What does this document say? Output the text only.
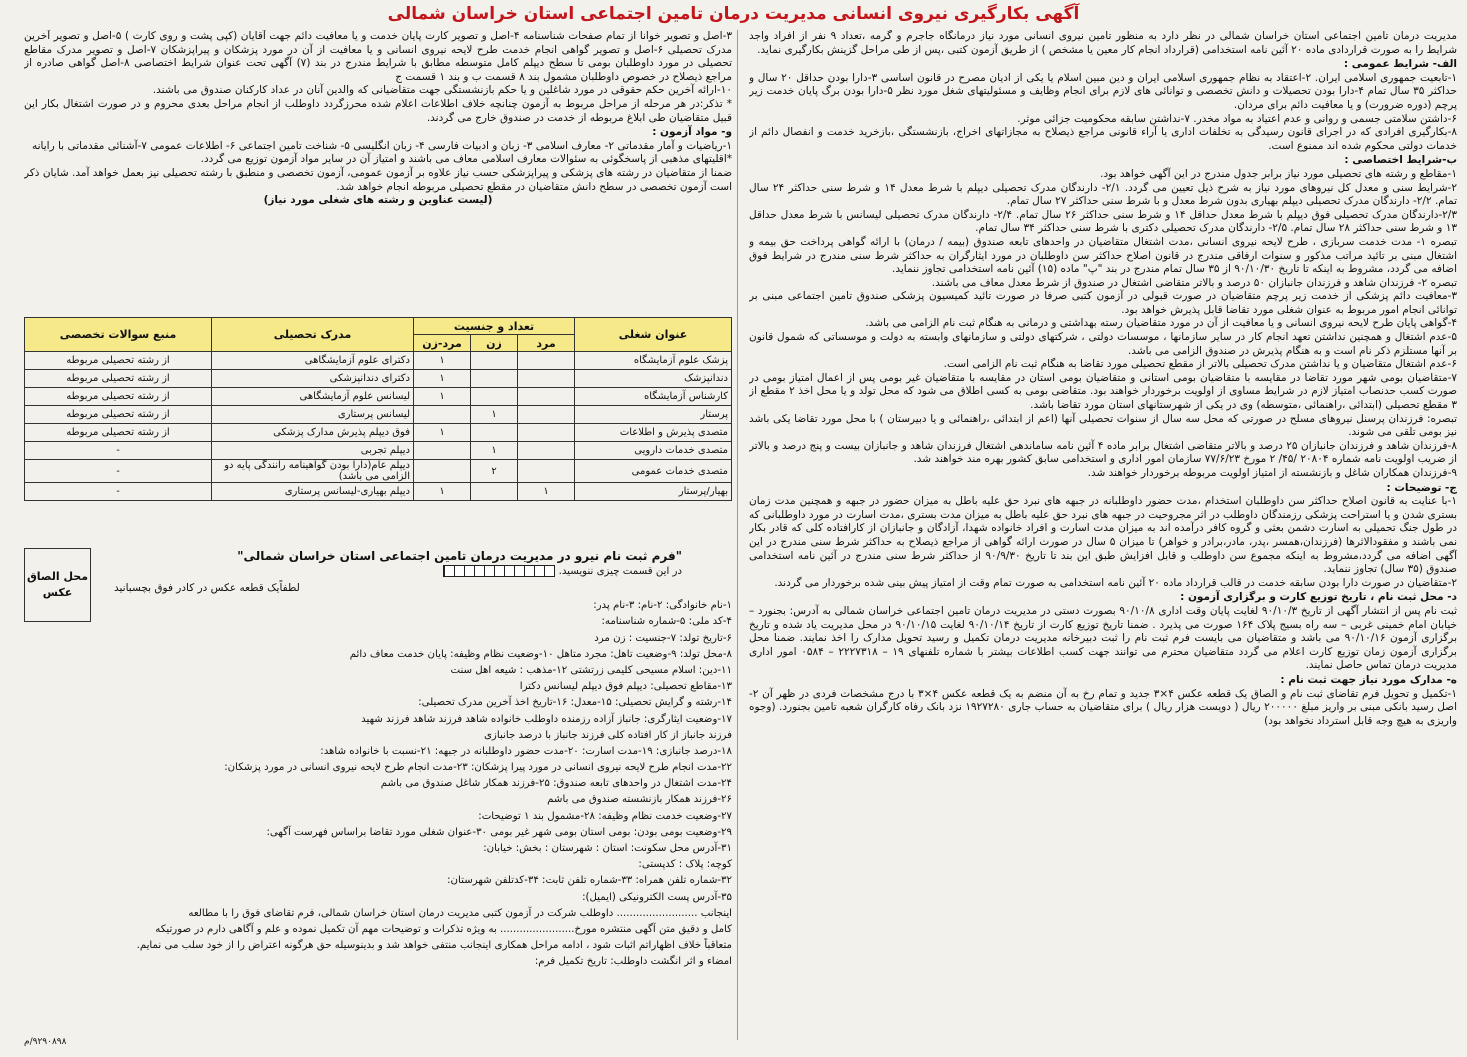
آگهی بکارگیری نیروی انسانی مدیریت درمان تامین اجتماعی استان خراسان شمالی

مدیریت درمان تامین اجتماعی استان خراسان شمالی در نظر دارد به منظور تامین نیروی انسانی مورد نیاز درمانگاه جاجرم و گرمه ،تعداد ۹ نفر از افراد واجد شرایط را به صورت قراردادی ماده ۲۰ آئین نامه استخدامی (قرارداد انجام کار معین یا مشخص ) از طریق آزمون کتبی ،پس از طی مراحل گزینش بکارگیری نماید.

الف- شرایط عمومی :

۱-تابعیت جمهوری اسلامی ایران. ۲-اعتقاد به نظام جمهوری اسلامی ایران و دین مبین اسلام یا یکی از ادیان مصرح در قانون اساسی ۳-دارا بودن حداقل ۲۰ سال و حداکثر ۳۵ سال تمام ۴-دارا بودن تحصیلات و دانش تخصصی و توانائی های لازم برای انجام وظایف و مسئولیتهای شغل مورد نظر ۵-دارا بودن برگ پایان خدمت زیر پرچم (دوره ضرورت) و یا معافیت دائم برای مردان.

۶-داشتن سلامتی جسمی و روانی و عدم اعتیاد به مواد مخدر. ۷-نداشتن سابقه محکومیت جزائی موثر.

۸-بکارگیری افرادی که در اجرای قانون رسیدگی به تخلفات اداری یا آراء قانونی مراجع ذیصلاح به مجازاتهای اخراج، بازنشستگی ،بازخرید خدمت و انفصال دائم از خدمات دولتی محکوم شده اند ممنوع است.

ب-شرایط اختصاصی :

۱-مقاطع و رشته های تحصیلی مورد نیاز برابر جدول مندرج در این آگهی خواهد بود.

۲-شرایط سنی و معدل کل نیروهای مورد نیاز به شرح ذیل تعیین می گردد. ۲/۱- دارندگان مدرک تحصیلی دیپلم با شرط معدل ۱۴ و شرط سنی حداکثر ۲۴ سال تمام. ۲/۲- دارندگان مدرک تحصیلی دیپلم بهیاری بدون شرط معدل و با شرط سنی حداکثر ۲۷ سال تمام.

۲/۳-دارندگان مدرک تحصیلی فوق دیپلم با شرط معدل حداقل ۱۴ و شرط سنی حداکثر ۲۶ سال تمام. ۲/۴- دارندگان مدرک تحصیلی لیسانس با شرط معدل حداقل ۱۳ و شرط سنی حداکثر ۲۸ سال تمام. ۲/۵- دارندگان مدرک تحصیلی دکتری با شرط سنی حداکثر ۳۴ سال تمام.

تبصره ۱- مدت خدمت سربازی ، طرح لایحه نیروی انسانی ،مدت اشتغال متقاضیان در واحدهای تابعه صندوق (بیمه / درمان) با ارائه گواهی پرداخت حق بیمه و اشتغال مبنی بر تائید مراتب مذکور و سنوات ارفاقی مندرج در قانون اصلاح حداکثر سن داوطلبان در مورد ایثارگران به حداکثر شرط سنی مندرج در شرایط فوق اضافه می گردد، مشروط به اینکه تا تاریخ ۹۰/۱۰/۳۰ از ۳۵ سال تمام مندرج در بند "پ" ماده (۱۵) آئین نامه استخدامی تجاوز ننماید.

تبصره ۲- فرزندان شاهد و فرزندان جانبازان ۵۰ درصد و بالاتر متقاضی اشتغال در صندوق از شرط معدل معاف می باشند.

۳-معافیت دائم پزشکی از خدمت زیر پرچم متقاضیان در صورت قبولی در آزمون کتبی صرفا در صورت تائید کمیسیون پزشکی صندوق تامین اجتماعی مبنی بر توانائی انجام امور مربوط به عنوان شغلی مورد تقاضا قابل پذیرش خواهد بود.

۴-گواهی پایان طرح لایحه نیروی انسانی و یا معافیت از آن در مورد متقاضیان رسته بهداشتی و درمانی به هنگام ثبت نام الزامی می باشد.

۵-عدم اشتغال و همچنین نداشتن تعهد انجام کار در سایر سازمانها ، موسسات دولتی ، شرکتهای دولتی و سازمانهای وابسته به دولت و موسساتی که شمول قانون بر آنها مستلزم ذکر نام است و به هنگام پذیرش در صندوق الزامی می باشد.

۶-عدم اشتغال متقاضیان و یا نداشتن مدرک تحصیلی بالاتر از مقطع تحصیلی مورد تقاضا به هنگام ثبت نام الزامی است.

۷-متقاضیان بومی شهر مورد تقاضا در مقایسه با متقاضیان بومی استانی و متقاضیان بومی استان در مقایسه با متقاضیان غیر بومی پس از اعمال امتیاز بومی در صورت کسب حدنصاب امتیاز لازم در شرایط مساوی از اولویت برخوردار خواهند بود. متقاضی بومی به کسی اطلاق می شود که محل تولد و یا محل اخذ ۲ مقطع از ۳ مقطع تحصیلی (ابتدائی ،راهنمائی ،متوسطه) وی در یکی از شهرستانهای استان مورد تقاضا باشد.

تبصره: فرزندان پرسنل نیروهای مسلح در صورتی که محل سه سال از سنوات تحصیلی آنها (اعم از ابتدائی ،راهنمائی و یا دبیرستان ) با محل مورد تقاضا یکی باشد نیز بومی تلقی می شوند.

۸-فرزندان شاهد و فرزندان جانبازان ۲۵ درصد و بالاتر متقاضی اشتغال برابر ماده ۴ آئین نامه ساماندهی اشتغال فرزندان شاهد و جانبازان بیست و پنج درصد و بالاتر از ضریب اولویت نامه شماره ۲۰۸۰۴ /۴۵/ ۲ مورخ ۷۷/۶/۲۳ سازمان امور اداری و استخدامی سابق کشور بهره مند خواهند شد.

۹-فرزندان همکاران شاغل و بازنشسته از امتیاز اولویت مربوطه برخوردار خواهند شد.

ج- توضیحات :

۱-با عنایت به قانون اصلاح حداکثر سن داوطلبان استخدام ،مدت حضور داوطلبانه در جبهه های نبرد حق علیه باطل به میزان حضور در جبهه و همچنین مدت زمان بستری شدن و یا استراحت پزشکی رزمندگان داوطلب در اثر مجروحیت در جبهه های نبرد حق علیه باطل به میزان مدت بستری ،مدت اسارت در مورد داوطلبانی که در طول جنگ تحمیلی به اسارت دشمن بعثی و گروه کافر درآمده اند به میزان مدت اسارت و افراد خانواده شهدا، آزادگان و جانبازان از کارافتاده کلی که قادر بکار نمی باشند و مفقودالاثرها (فرزندان،همسر ،پدر، مادر،برادر و خواهر) تا میزان ۵ سال در صورت ارائه گواهی از مراجع ذیصلاح به حداکثر شرط سنی مندرج در این آگهی اضافه می گردد،مشروط به اینکه مجموع سن داوطلب و قابل افزایش طبق این بند تا تاریخ ۹۰/۹/۳۰ از حداکثر شرط سنی مندرج در آئین نامه استخدامی صندوق (۳۵ سال) تجاوز ننماید.

۲-متقاضیان در صورت دارا بودن سابقه خدمت در قالب قرارداد ماده ۲۰ آئین نامه استخدامی به صورت تمام وقت از امتیاز پیش بینی شده برخوردار می گردند.

د- محل ثبت نام ، تاریخ توزیع کارت و برگزاری آزمون :

ثبت نام پس از انتشار آگهی از تاریخ ۹۰/۱۰/۳ لغایت پایان وقت اداری ۹۰/۱۰/۸ بصورت دستی در مدیریت درمان تامین اجتماعی خراسان شمالی به آدرس: بجنورد – خیابان امام خمینی غربی – سه راه بسیج پلاک ۱۶۴ صورت می پذیرد . ضمنا تاریخ توزیع کارت از تاریخ ۹۰/۱۰/۱۴ لغایت ۹۰/۱۰/۱۵ در محل مدیریت یاد شده و تاریخ برگزاری آزمون ۹۰/۱۰/۱۶ می باشد و متقاضیان می بایست فرم ثبت نام را ثبت دبیرخانه مدیریت درمان تکمیل و رسید تحویل مدارک را اخذ نمایند. ضمنا محل برگزاری آزمون زمان توزیع کارت اعلام می گردد متقاضیان محترم می توانند جهت کسب اطلاعات بیشتر با شماره تلفنهای ۱۹ – ۲۲۲۷۳۱۸ – ۰۵۸۴ امور اداری مدیریت درمان تماس حاصل نمایند.

ه- مدارک مورد نیاز جهت ثبت نام :

۱-تکمیل و تحویل فرم تقاضای ثبت نام و الصاق یک قطعه عکس ۴×۳ جدید و تمام رخ به آن منضم به یک قطعه عکس ۴×۳ با درج مشخصات فردی در ظهر آن ۲-اصل رسید بانکی مبنی بر واریز مبلغ ۲۰۰۰۰۰ ریال ( دویست هزار ریال ) برای متقاضیان به حساب جاری ۱۹۲۷۲۸۰ نزد بانک رفاه کارگران شعبه تامین بجنورد. (وجوه واریزی به هیچ وجه قابل استرداد نخواهد بود)

۳-اصل و تصویر خوانا از تمام صفحات شناسنامه ۴-اصل و تصویر کارت پایان خدمت و یا معافیت دائم جهت آقایان (کپی پشت و روی کارت ) ۵-اصل و تصویر آخرین مدرک تحصیلی ۶-اصل و تصویر گواهی انجام خدمت طرح لایحه نیروی انسانی و یا معافیت از آن در مورد پزشکان و پیراپزشکان ۷-اصل و تصویر مدرک مقاطع تحصیلی در مورد داوطلبان بومی تا سطح دیپلم کامل متوسطه مطابق با شرایط مندرج در بند (۷) آگهی تحت عنوان شرایط اختصاصی ۸-اصل گواهی صادره از مراجع ذیصلاح در خصوص داوطلبان مشمول بند ۸ قسمت ب و بند ۱ قسمت ج

۱۰-ارائه آخرین حکم حقوقی در مورد شاغلین و یا حکم بازنشستگی جهت متقاضیانی که والدین آنان در عداد کارکنان صندوق می باشند.

* تذکر:در هر مرحله از مراحل مربوط به آزمون چنانچه خلاف اطلاعات اعلام شده محرزگردد داوطلب از انجام مراحل بعدی محروم و در صورت اشتغال بکار این قبیل متقاضیان طی ابلاغ مربوطه از خدمت در صندوق خارج می گردند.

و- مواد آزمون :

۱-ریاضیات و آمار مقدماتی ۲- معارف اسلامی ۳- زبان و ادبیات فارسی ۴- زبان انگلیسی ۵- شناخت تامین اجتماعی ۶- اطلاعات عمومی ۷-آشنائی مقدماتی با رایانه

*اقلیتهای مذهبی از پاسخگوئی به سئوالات معارف اسلامی معاف می باشند و امتیاز آن در سایر مواد آزمون توزیع می گردد.

ضمنا از متقاضیان در رشته های پزشکی و پیراپزشکی حسب نیاز علاوه بر آزمون عمومی، آزمون تخصصی و منطبق با رشته تحصیلی نیز بعمل خواهد آمد. شایان ذکر است آزمون تخصصی در سطح دانش متقاضیان در مقطع تحصیلی مربوطه انجام خواهد شد.

(لیست عناوین و رشته های شغلی مورد نیاز)

عنوان شغلی	تعداد و جنسیت			مدرک تحصیلی	منبع سوالات تخصصی
	مرد	زن	مرد-زن		
پزشک علوم آزمایشگاه			۱	دکترای علوم آزمایشگاهی	از رشته تحصیلی مربوطه
دندانپزشک			۱	دکترای دندانپزشکی	از رشته تحصیلی مربوطه
کارشناس آزمایشگاه			۱	لیسانس علوم آزمایشگاهی	از رشته تحصیلی مربوطه
پرستار		۱		لیسانس پرستاری	از رشته تحصیلی مربوطه
متصدی پذیرش و اطلاعات			۱	فوق دیپلم پذیرش مدارک پزشکی	از رشته تحصیلی مربوطه
متصدی خدمات دارویی		۱		دیپلم تجربی	-
متصدی خدمات عمومی		۲		دیپلم عام(دارا بودن گواهینامه رانندگی پایه دو الزامی می باشد)	-
بهیار/پرستار	۱		۱	دیپلم بهیاری-لیسانس پرستاری	-
"فرم ثبت نام نیرو در مدیریت درمان تامین اجتماعی استان خراسان شمالی"
محل الصاق عکس	لطفاًیک قطعه عکس در کادر فوق بچسبانید
در این قسمت چیزی ننویسید.
۱-نام خانوادگی: ۲-نام: ۳-نام پدر:
۴-کد ملی: ۵-شماره شناسنامه:
۶-تاریخ تولد: ۷-جنسیت : زن مرد
۸-محل تولد: ۹-وضعیت تاهل: مجرد متاهل ۱۰-وضعیت نظام وظیفه: پایان خدمت معاف دائم
۱۱-دین: اسلام مسیحی کلیمی زرتشتی ۱۲-مذهب : شیعه اهل سنت
۱۳-مقاطع تحصیلی: دیپلم فوق دیپلم لیسانس دکترا
۱۴-رشته و گرایش تحصیلی: ۱۵-معدل: ۱۶-تاریخ اخذ آخرین مدرک تحصیلی:
۱۷-وضعیت ایثارگری: جانباز آزاده رزمنده داوطلب خانواده شاهد فرزند شاهد فرزند شهید
فرزند جانباز از کار افتاده کلی فرزند جانباز با درصد جانبازی
۱۸-درصد جانبازی: ۱۹-مدت اسارت: ۲۰-مدت حضور داوطلبانه در جبهه: ۲۱-نسبت با خانواده شاهد:
۲۲-مدت انجام طرح لایحه نیروی انسانی در مورد پیرا پزشکان: ۲۳-مدت انجام طرح لایحه نیروی انسانی در مورد پزشکان:
۲۴-مدت اشتغال در واحدهای تابعه صندوق: ۲۵-فرزند همکار شاغل صندوق می باشم
۲۶-فرزند همکار بازنشسته صندوق می باشم
۲۷-وضعیت خدمت نظام وظیفه: ۲۸-مشمول بند ۱ توضیحات:
۲۹-وضعیت بومی بودن: بومی استان بومی شهر غیر بومی ۳۰-عنوان شغلی مورد تقاضا براساس فهرست آگهی:
۳۱-آدرس محل سکونت: استان : شهرستان : بخش: خیابان:
کوچه: پلاک : کدپستی:
۳۲-شماره تلفن همراه: ۳۳-شماره تلفن ثابت: ۳۴-کدتلفن شهرستان:
۳۵-آدرس پست الکترونیکی (ایمیل):
اینجانب ......................... داوطلب شرکت در آزمون کتبی مدیریت درمان استان خراسان شمالی، فرم تقاضای فوق را با مطالعه
کامل و دقیق متن آگهی منتشره مورخ....................... به ویژه تذکرات و توضیحات مهم آن تکمیل نموده و علم و آگاهی دارم در صورتیکه
متعاقباً خلاف اظهاراتم اثبات شود ، ادامه مراحل همکاری اینجانب منتفی خواهد شد و بدینوسیله حق هرگونه اعتراض را از خود سلب می نمایم.
امضاء و اثر انگشت داوطلب: تاریخ تکمیل فرم:
۹۲۹۰۸۹۸/م
